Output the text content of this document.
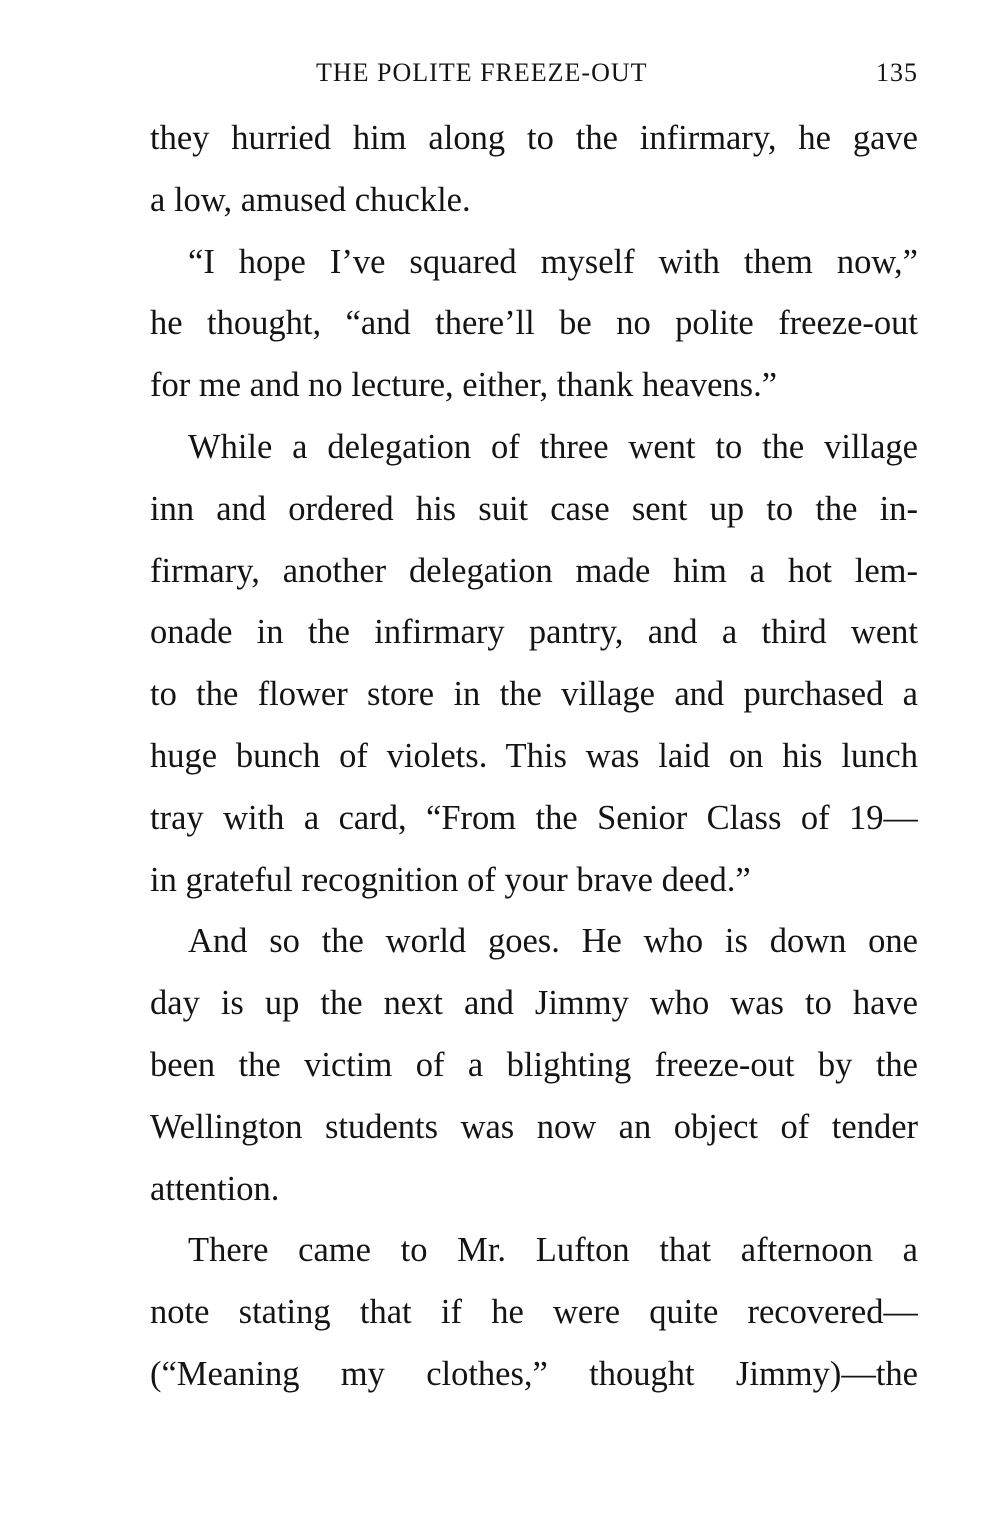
THE POLITE FREEZE-OUT	135
they hurried him along to the infirmary, he gave
a low, amused chuckle.
“I hope I’ve squared myself with them now,”
he thought, “and there’ll be no polite freeze-out
for me and no lecture, either, thank heavens.”
While a delegation of three went to the village
inn and ordered his suit case sent up to the in-
firmary, another delegation made him a hot lem-
onade in the infirmary pantry, and a third went
to the flower store in the village and purchased a
huge bunch of violets. This was laid on his lunch
tray with a card, “From the Senior Class of 19—
in grateful recognition of your brave deed.”
And so the world goes. He who is down one
day is up the next and Jimmy who was to have
been the victim of a blighting freeze-out by the
Wellington students was now an object of tender
attention.
There came to Mr. Lufton that afternoon a
note stating that if he were quite recovered—
(“Meaning my clothes,” thought Jimmy)—the
